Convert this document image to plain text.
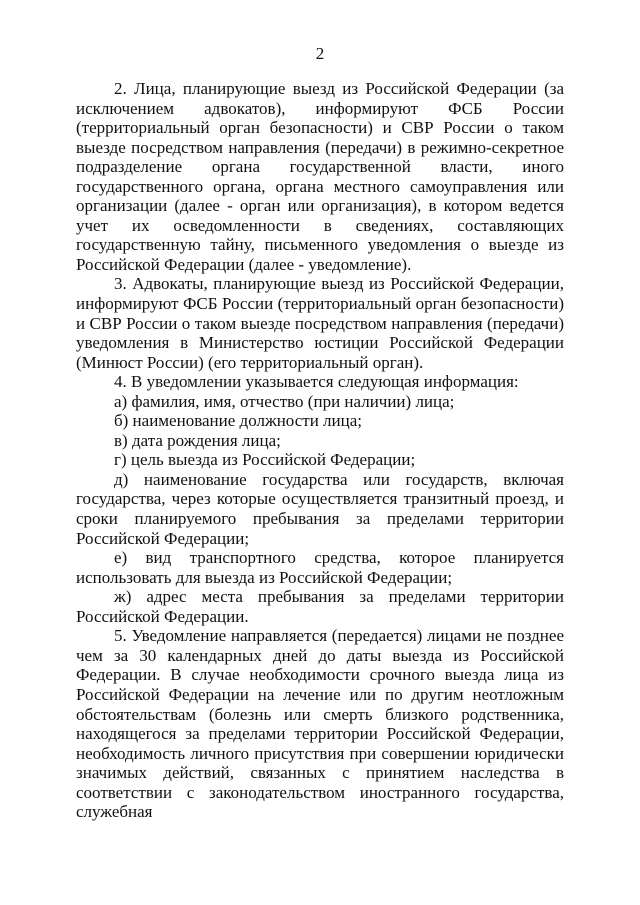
2

2. Лица, планирующие выезд из Российской Федерации (за исключением адвокатов), информируют ФСБ России (территориальный орган безопасности) и СВР России о таком выезде посредством направления (передачи) в режимно-секретное подразделение органа государственной власти, иного государственного органа, органа местного самоуправления или организации (далее - орган или организация), в котором ведется учет их осведомленности в сведениях, составляющих государственную тайну, письменного уведомления о выезде из Российской Федерации (далее - уведомление).

3. Адвокаты, планирующие выезд из Российской Федерации, информируют ФСБ России (территориальный орган безопасности) и СВР России о таком выезде посредством направления (передачи) уведомления в Министерство юстиции Российской Федерации (Минюст России) (его территориальный орган).

4. В уведомлении указывается следующая информация:

а) фамилия, имя, отчество (при наличии) лица;

б) наименование должности лица;

в) дата рождения лица;

г) цель выезда из Российской Федерации;

д) наименование государства или государств, включая государства, через которые осуществляется транзитный проезд, и сроки планируемого пребывания за пределами территории Российской Федерации;

е) вид транспортного средства, которое планируется использовать для выезда из Российской Федерации;

ж) адрес места пребывания за пределами территории Российской Федерации.

5. Уведомление направляется (передается) лицами не позднее чем за 30 календарных дней до даты выезда из Российской Федерации. В случае необходимости срочного выезда лица из Российской Федерации на лечение или по другим неотложным обстоятельствам (болезнь или смерть близкого родственника, находящегося за пределами территории Российской Федерации, необходимость личного присутствия при совершении юридически значимых действий, связанных с принятием наследства в соответствии с законодательством иностранного государства, служебная
